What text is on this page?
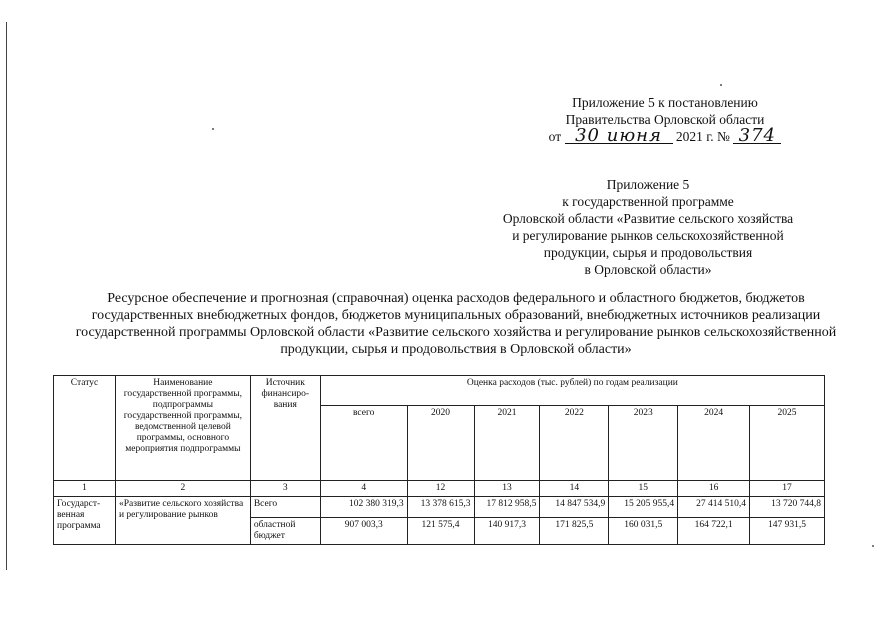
Приложение 5 к постановлению
Правительства Орловской области
от 30 июня 2021 г. № 374
Приложение 5
к государственной программе
Орловской области «Развитие сельского хозяйства
и регулирование рынков сельскохозяйственной
продукции, сырья и продовольствия
в Орловской области»
Ресурсное обеспечение и прогнозная (справочная) оценка расходов федерального и областного бюджетов, бюджетов
государственных внебюджетных фондов, бюджетов муниципальных образований, внебюджетных источников реализации
государственной программы Орловской области «Развитие сельского хозяйства и регулирование рынков сельскохозяйственной
продукции, сырья и продовольствия в Орловской области»
Статус	Наименование государственной программы, подпрограммы государственной программы, ведомственной целевой программы, основного мероприятия подпрограммы	Источник финансиро-вания	Оценка расходов (тыс. рублей) по годам реализации						
			всего	2020	2021	2022	2023	2024	2025
1	2	3	4	12	13	14	15	16	17
Государст-венная программа	«Развитие сельского хозяйства и регулирование рынков	Всего	102 380 319,3	13 378 615,3	17 812 958,5	14 847 534,9	15 205 955,4	27 414 510,4	13 720 744,8
		областной бюджет	907 003,3	121 575,4	140 917,3	171 825,5	160 031,5	164 722,1	147 931,5
